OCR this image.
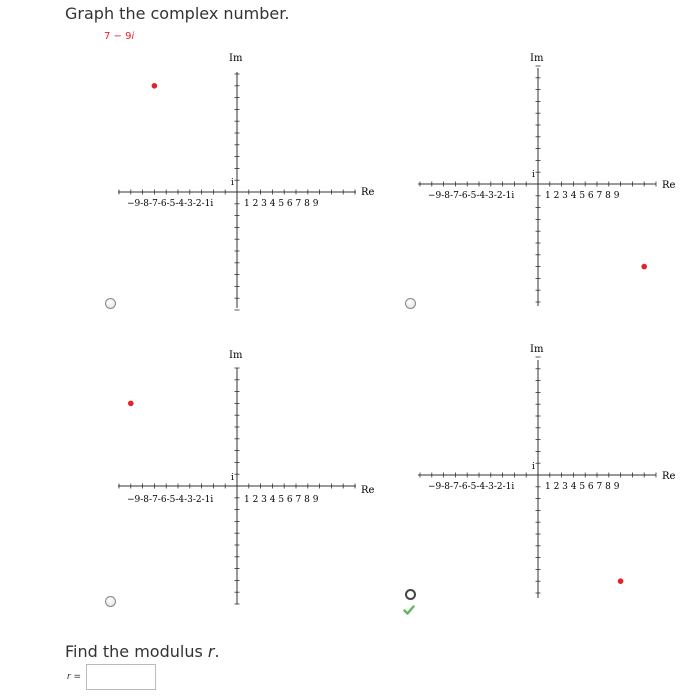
Graph the complex number.
7 − 9i
Im
Re
i
−9-8-7-6-5-4-3-2-1i	1 2 3 4 5 6 7 8 9
Im
Re
i
−9-8-7-6-5-4-3-2-1i	1 2 3 4 5 6 7 8 9
Im
Re
i
−9-8-7-6-5-4-3-2-1i	1 2 3 4 5 6 7 8 9
Im
Re
i
−9-8-7-6-5-4-3-2-1i	1 2 3 4 5 6 7 8 9
Find the modulus r.
r =
